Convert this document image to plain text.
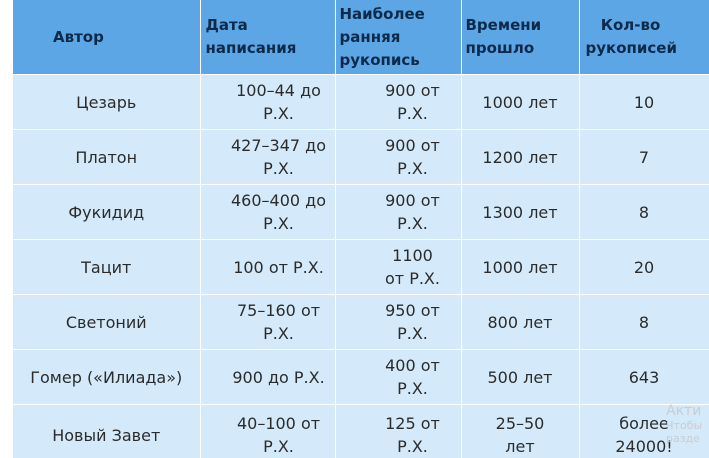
Автор	Дата написания	Наиболее ранняя рукопись	Времени прошло	Кол-во рукописей
Цезарь	100–44 до Р.Х.	900 от Р.Х.	1000 лет	10
Платон	427–347 до Р.Х.	900 от Р.Х.	1200 лет	7
Фукидид	460–400 до Р.Х.	900 от Р.Х.	1300 лет	8
Тацит	100 от Р.Х.	1100 от Р.Х.	1000 лет	20
Светоний	75–160 от Р.Х.	950 от Р.Х.	800 лет	8
Гомер («Илиада»)	900 до Р.Х.	400 от Р.Х.	500 лет	643
Новый Завет	40–100 от Р.Х.	125 от Р.Х.	25–50 лет	более 24000!
Акти
Чтобы
разде
